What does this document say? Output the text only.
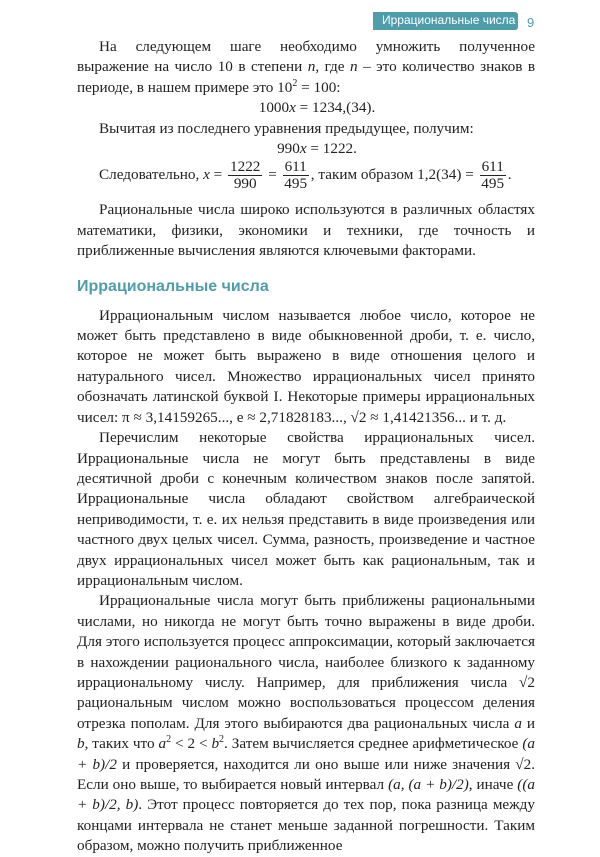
Иррациональные числа 9

На следующем шаге необходимо умножить полученное выражение на число 10 в степени n, где n – это количество знаков в периоде, в нашем примере это $10^2 = 100$:

1000x = 1234,(34).

Вычитая из последнего уравнения предыдущее, получим:

990x = 1222.

Следовательно, $x = \frac{1222}{990} = \frac{611}{495}$ , таким образом $1,2(34) = \frac{611}{495}$ .

Рациональные числа широко используются в различных областях математики, физики, экономики и техники, где точность и приближенные вычисления являются ключевыми факторами.

Иррациональные числа

Иррациональным числом называется любое число, которое не может быть представлено в виде обыкновенной дроби, т. е. число, которое не может быть выражено в виде отношения целого и натурального чисел. Множество иррациональных чисел принято обозначать латинской буквой I. Некоторые примеры иррациональных чисел: π ≈ 3,14159265..., e ≈ 2,71828183..., √2 ≈ 1,41421356... и т. д.

Перечислим некоторые свойства иррациональных чисел. Иррациональные числа не могут быть представлены в виде десятичной дроби с конечным количеством знаков после запятой. Иррациональные числа обладают свойством алгебраической неприводимости, т. е. их нельзя представить в виде произведения или частного двух целых чисел. Сумма, разность, произведение и частное двух иррациональных чисел может быть как рациональным, так и иррациональным числом.

Иррациональные числа могут быть приближены рациональными числами, но никогда не могут быть точно выражены в виде дроби. Для этого используется процесс аппроксимации, который заключается в нахождении рационального числа, наиболее близкого к заданному иррациональному числу. Например, для приближения числа √2 рациональным числом можно воспользоваться процессом деления отрезка пополам. Для этого выбираются два рациональных числа a и b, таких что $a^2 < 2 < b^2$. Затем вычисляется среднее арифметическое (a + b)/2 и проверяется, находится ли оно выше или ниже значения √2. Если оно выше, то выбирается новый интервал (a, (a + b)/2), иначе ((a + b)/2, b). Этот процесс повторяется до тех пор, пока разница между концами интервала не станет меньше заданной погрешности. Таким образом, можно получить приближенное
